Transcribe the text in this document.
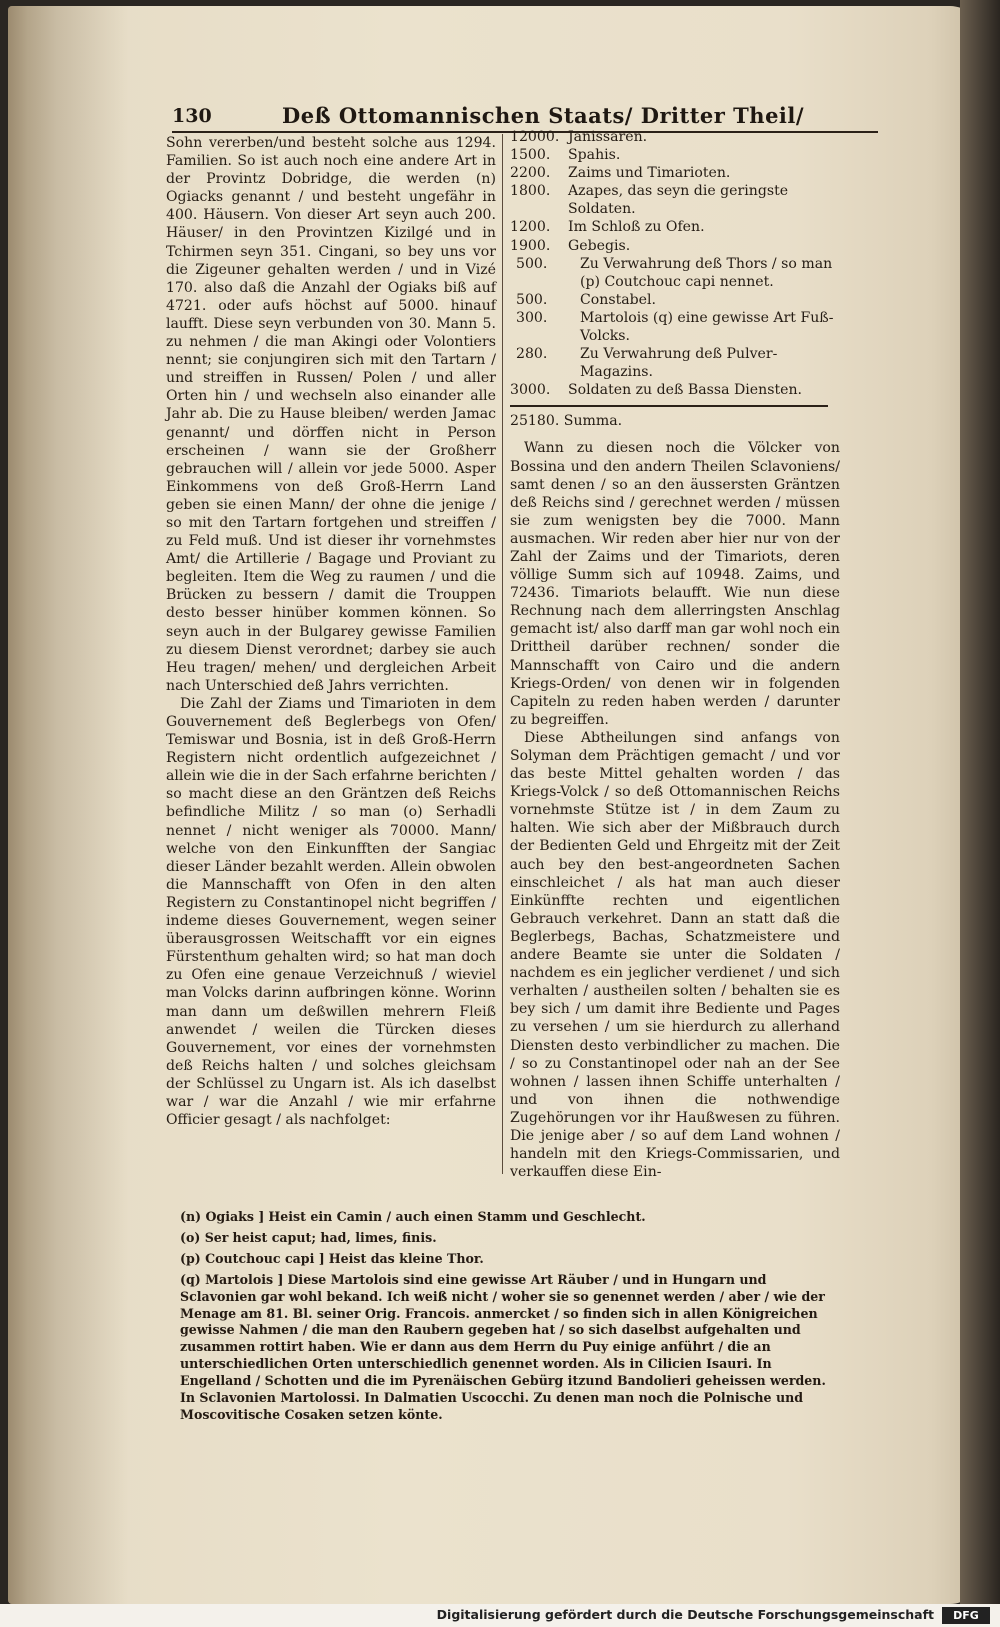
130	Deß Ottomannischen Staats/ Dritter Theil/

Sohn vererben/und besteht solche aus 1294. Familien. So ist auch noch eine andere Art in der Provintz Dobridge, die werden (n) Ogiacks genannt / und besteht ungefähr in 400. Häusern. Von dieser Art seyn auch 200. Häuser/ in den Provintzen Kizilgé und in Tchirmen seyn 351. Cingani, so bey uns vor die Zigeuner gehalten werden / und in Vizé 170. also daß die Anzahl der Ogiaks biß auf 4721. oder aufs höchst auf 5000. hinauf laufft. Diese seyn verbunden von 30. Mann 5. zu nehmen / die man Akingi oder Volontiers nennt; sie conjungiren sich mit den Tartarn / und streiffen in Russen/ Polen / und aller Orten hin / und wechseln also einander alle Jahr ab. Die zu Hause bleiben/ werden Jamac genannt/ und dörffen nicht in Person erscheinen / wann sie der Großherr gebrauchen will / allein vor jede 5000. Asper Einkommens von deß Groß-Herrn Land geben sie einen Mann/ der ohne die jenige / so mit den Tartarn fortgehen und streiffen / zu Feld muß. Und ist dieser ihr vornehmstes Amt/ die Artillerie / Bagage und Proviant zu begleiten. Item die Weg zu raumen / und die Brücken zu bessern / damit die Trouppen desto besser hinüber kommen können. So seyn auch in der Bulgarey gewisse Familien zu diesem Dienst verordnet; darbey sie auch Heu tragen/ mehen/ und dergleichen Arbeit nach Unterschied deß Jahrs verrichten.

Die Zahl der Ziams und Timarioten in dem Gouvernement deß Beglerbegs von Ofen/ Temiswar und Bosnia, ist in deß Groß-Herrn Registern nicht ordentlich aufgezeichnet / allein wie die in der Sach erfahrne berichten / so macht diese an den Gräntzen deß Reichs befindliche Militz / so man (o) Serhadli nennet / nicht weniger als 70000. Mann/ welche von den Einkunfften der Sangiac dieser Länder bezahlt werden. Allein obwolen die Mannschafft von Ofen in den alten Registern zu Constantinopel nicht begriffen / indeme dieses Gouvernement, wegen seiner überausgrossen Weitschafft vor ein eignes Fürstenthum gehalten wird; so hat man doch zu Ofen eine genaue Verzeichnuß / wieviel man Volcks darinn aufbringen könne. Worinn man dann um deßwillen mehrern Fleiß anwendet / weilen die Türcken dieses Gouvernement, vor eines der vornehmsten deß Reichs halten / und solches gleichsam der Schlüssel zu Ungarn ist. Als ich daselbst war / war die Anzahl / wie mir erfahrne Officier gesagt / als nachfolget:

12000. Janissaren.
1500.	Spahis.
2200.	Zaims und Timarioten.
1800.	Azapes, das seyn die geringste Soldaten.
1200.	Im Schloß zu Ofen.
1900.	Gebegis.
500.	Zu Verwahrung deß Thors / so man (p) Coutchouc capi nennet.
500.	Constabel.
300.	Martolois (q) eine gewisse Art Fuß-Volcks.
280.	Zu Verwahrung deß Pulver-Magazins.
3000.	Soldaten zu deß Bassa Diensten.
25180. Summa.

Wann zu diesen noch die Völcker von Bossina und den andern Theilen Sclavoniens/ samt denen / so an den äussersten Gräntzen deß Reichs sind / gerechnet werden / müssen sie zum wenigsten bey die 7000. Mann ausmachen. Wir reden aber hier nur von der Zahl der Zaims und der Timariots, deren völlige Summ sich auf 10948. Zaims, und 72436. Timariots belaufft. Wie nun diese Rechnung nach dem allerringsten Anschlag gemacht ist/ also darff man gar wohl noch ein Drittheil darüber rechnen/ sonder die Mannschafft von Cairo und die andern Kriegs-Orden/ von denen wir in folgenden Capiteln zu reden haben werden / darunter zu begreiffen.

Diese Abtheilungen sind anfangs von Solyman dem Prächtigen gemacht / und vor das beste Mittel gehalten worden / das Kriegs-Volck / so deß Ottomannischen Reichs vornehmste Stütze ist / in dem Zaum zu halten. Wie sich aber der Mißbrauch durch der Bedienten Geld und Ehrgeitz mit der Zeit auch bey den best-angeordneten Sachen einschleichet / als hat man auch dieser Einkünffte rechten und eigentlichen Gebrauch verkehret. Dann an statt daß die Beglerbegs, Bachas, Schatzmeistere und andere Beamte sie unter die Soldaten / nachdem es ein jeglicher verdienet / und sich verhalten / austheilen solten / behalten sie es bey sich / um damit ihre Bediente und Pages zu versehen / um sie hierdurch zu allerhand Diensten desto verbindlicher zu machen. Die / so zu Constantinopel oder nah an der See wohnen / lassen ihnen Schiffe unterhalten / und von ihnen die nothwendige Zugehörungen vor ihr Haußwesen zu führen. Die jenige aber / so auf dem Land wohnen / handeln mit den Kriegs-Commissarien, und verkauffen diese Ein-

(n) Ogiaks ] Heist ein Camin / auch einen Stamm und Geschlecht.

(o) Ser heist caput; had, limes, finis.

(p) Coutchouc capi ] Heist das kleine Thor.

(q) Martolois ] Diese Martolois sind eine gewisse Art Räuber / und in Hungarn und Sclavonien gar wohl bekand. Ich weiß nicht / woher sie so genennet werden / aber / wie der Menage am 81. Bl. seiner Orig. Francois. anmercket / so finden sich in allen Königreichen gewisse Nahmen / die man den Raubern gegeben hat / so sich daselbst aufgehalten und zusammen rottirt haben. Wie er dann aus dem Herrn du Puy einige anführt / die an unterschiedlichen Orten unterschiedlich genennet worden. Als in Cilicien Isauri. In Engelland / Schotten und die im Pyrenäischen Gebürg itzund Bandolieri geheissen werden. In Sclavonien Martolossi. In Dalmatien Uscocchi. Zu denen man noch die Polnische und Moscovitische Cosaken setzen könte.

Digitalisierung gefördert durch die Deutsche Forschungsgemeinschaft	DFG
